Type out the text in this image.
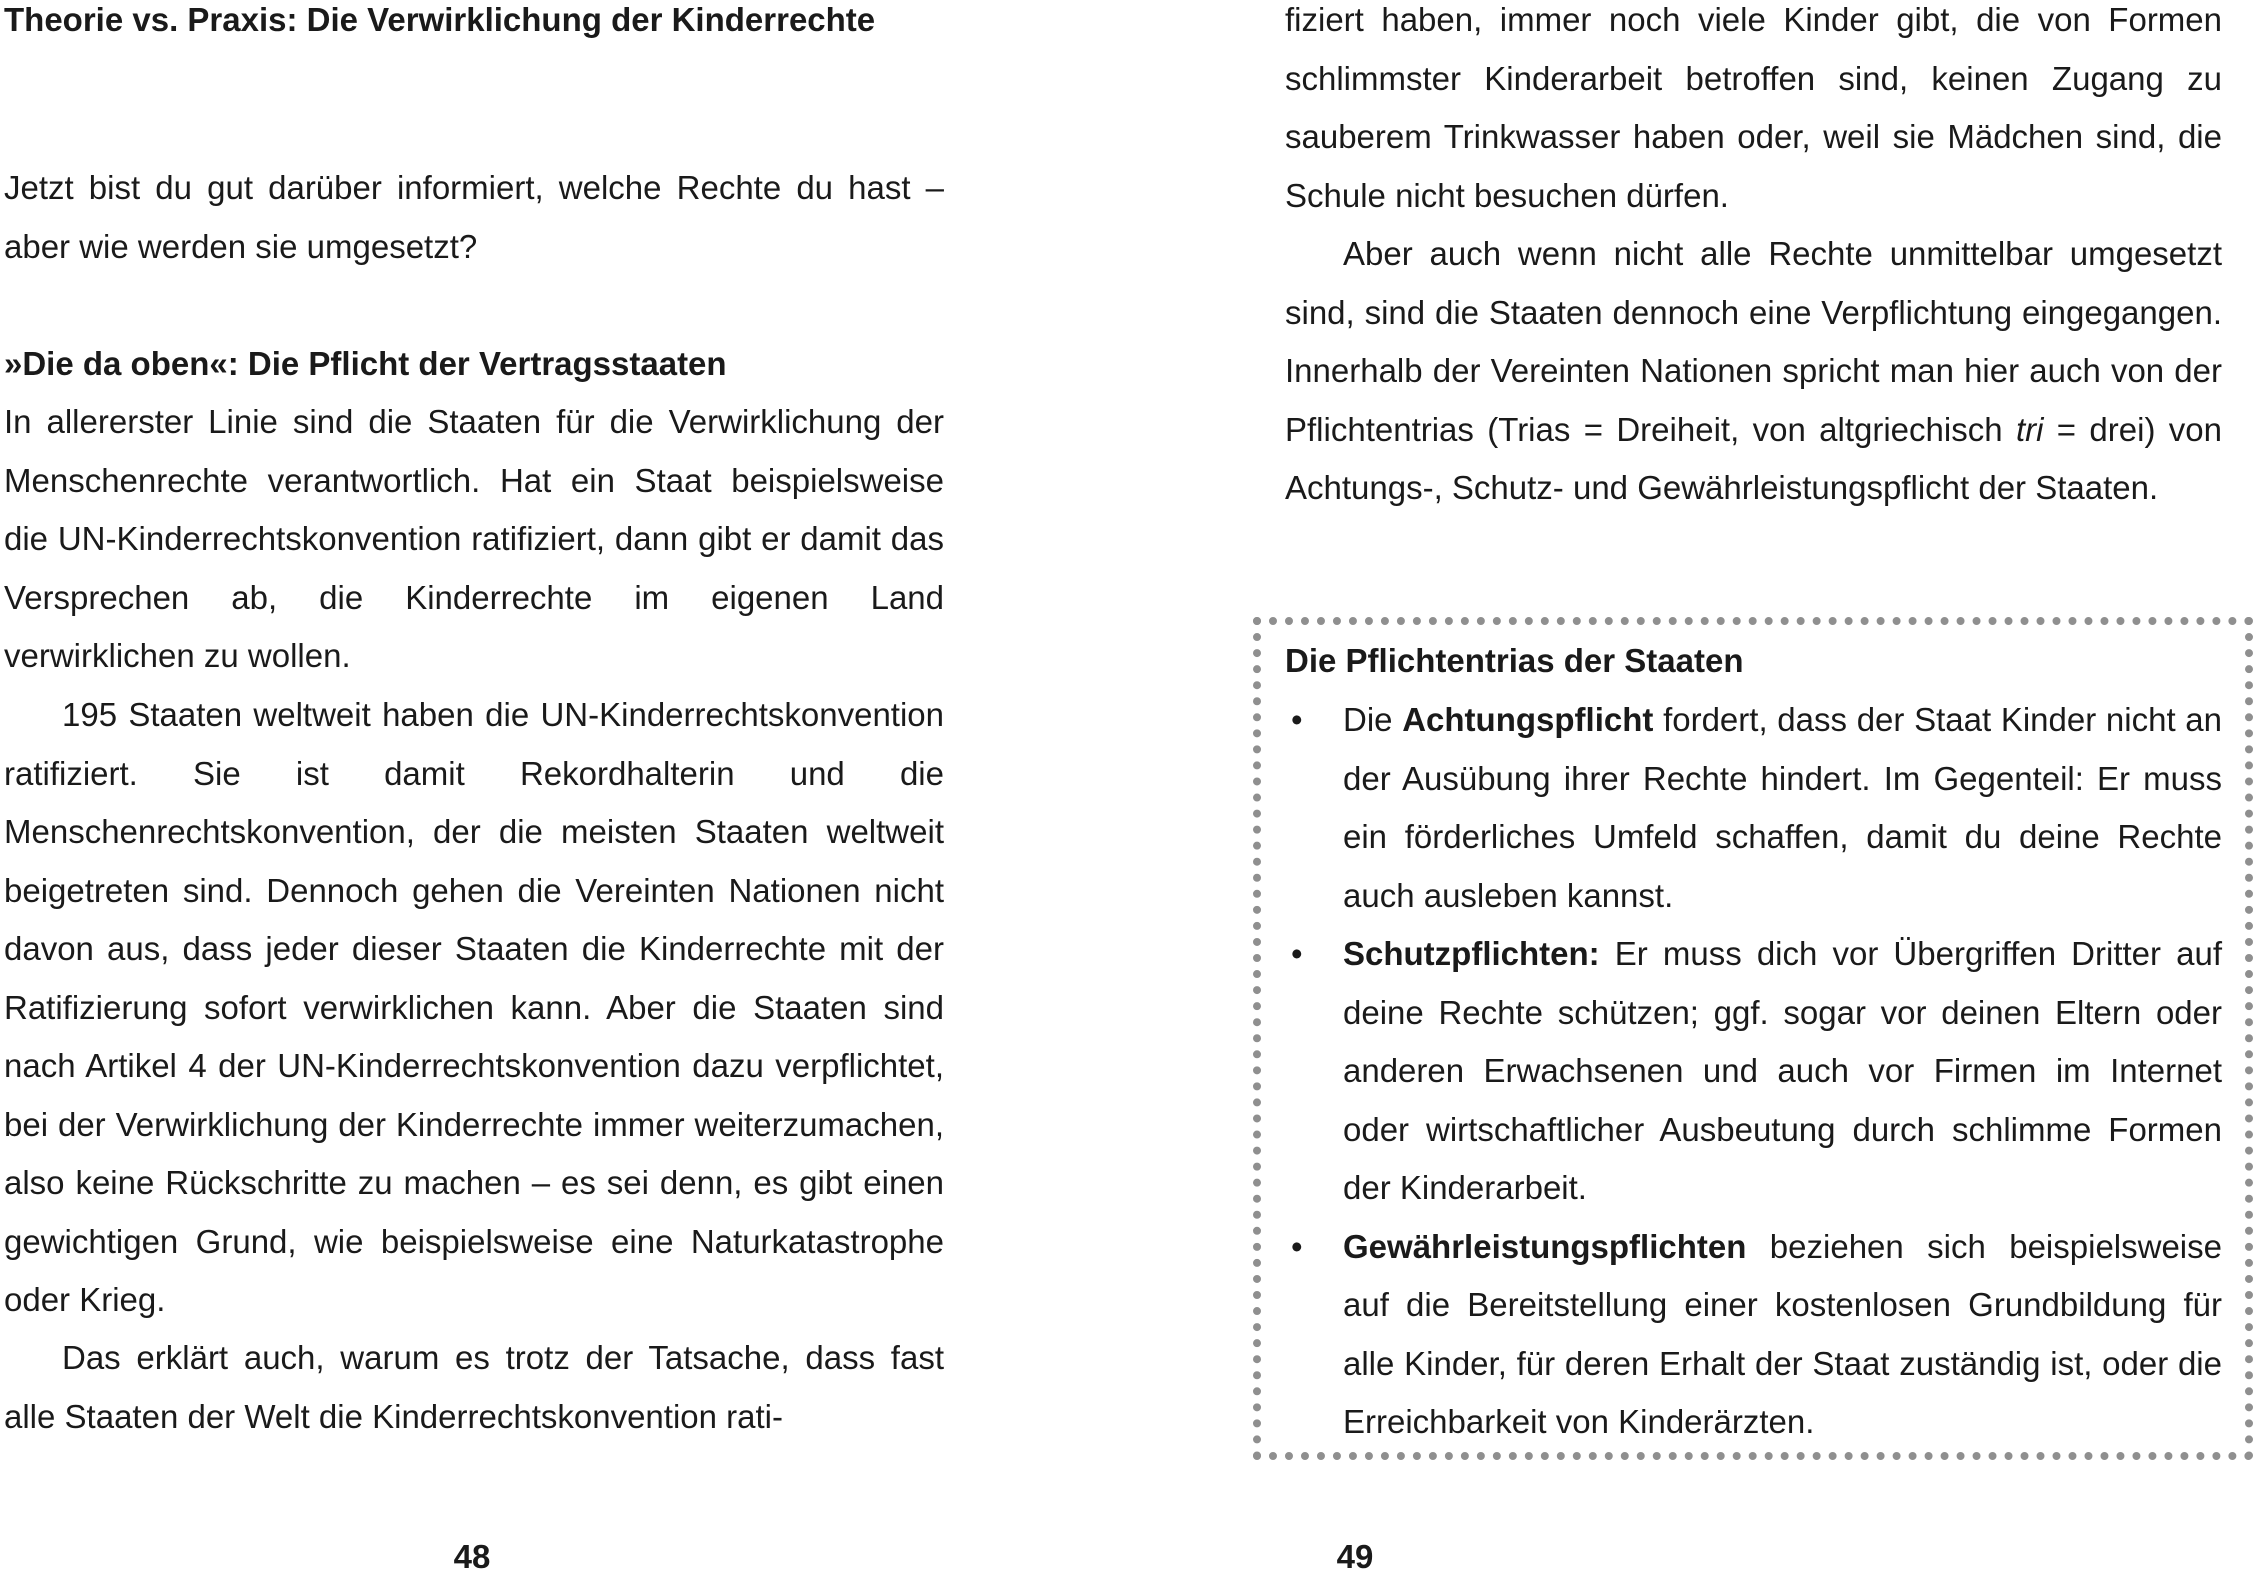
Theorie vs. Praxis: Die Verwirklichung der Kinderrechte

Jetzt bist du gut darüber informiert, welche Rechte du hast – aber wie werden sie umgesetzt?

»Die da oben«: Die Pflicht der Vertragsstaaten

In allererster Linie sind die Staaten für die Verwirklichung der Menschenrechte verantwortlich. Hat ein Staat beispielsweise die UN-Kinderrechtskonvention ratifiziert, dann gibt er damit das Versprechen ab, die Kinderrechte im eigenen Land verwirklichen zu wollen.

195 Staaten weltweit haben die UN-Kinderrechtskonvention ratifiziert. Sie ist damit Rekordhalterin und die Menschenrechtskonvention, der die meisten Staaten weltweit beigetreten sind. Dennoch gehen die Vereinten Nationen nicht davon aus, dass jeder dieser Staaten die Kinderrechte mit der Ratifizierung sofort verwirklichen kann. Aber die Staaten sind nach Artikel 4 der UN-Kinderrechtskonvention dazu verpflichtet, bei der Verwirklichung der Kinderrechte immer weiterzumachen, also keine Rückschritte zu machen – es sei denn, es gibt einen gewichtigen Grund, wie beispielsweise eine Naturkatastrophe oder Krieg.

Das erklärt auch, warum es trotz der Tatsache, dass fast alle Staaten der Welt die Kinderrechtskonvention rati-

48

fiziert haben, immer noch viele Kinder gibt, die von Formen schlimmster Kinderarbeit betroffen sind, keinen Zugang zu sauberem Trinkwasser haben oder, weil sie Mädchen sind, die Schule nicht besuchen dürfen.

Aber auch wenn nicht alle Rechte unmittelbar umgesetzt sind, sind die Staaten dennoch eine Verpflichtung eingegangen. Innerhalb der Vereinten Nationen spricht man hier auch von der Pflichtentrias (Trias = Dreiheit, von altgriechisch tri = drei) von Achtungs-, Schutz- und Gewährleistungspflicht der Staaten.

Die Pflichtentrias der Staaten
•	Die Achtungspflicht fordert, dass der Staat Kinder nicht an der Ausübung ihrer Rechte hindert. Im Gegenteil: Er muss ein förderliches Umfeld schaffen, damit du deine Rechte auch ausleben kannst.
•	Schutzpflichten: Er muss dich vor Übergriffen Dritter auf deine Rechte schützen; ggf. sogar vor deinen Eltern oder anderen Erwachsenen und auch vor Firmen im Internet oder wirtschaftlicher Ausbeutung durch schlimme Formen der Kinderarbeit.
•	Gewährleistungspflichten beziehen sich beispielsweise auf die Bereitstellung einer kostenlosen Grundbildung für alle Kinder, für deren Erhalt der Staat zuständig ist, oder die Erreichbarkeit von Kinderärzten.
49
